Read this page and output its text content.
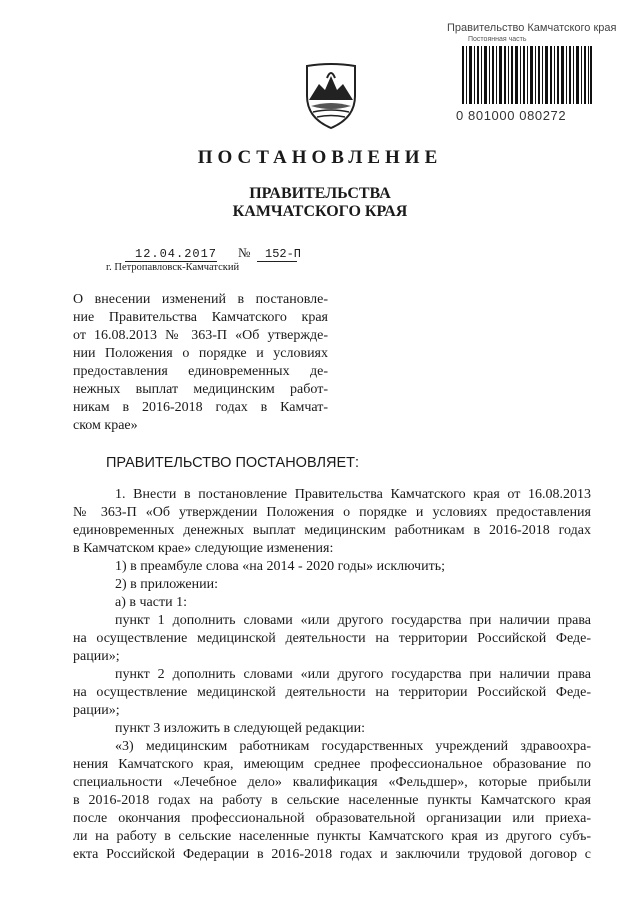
Правительство Камчатского края
Постоянная часть
0 801000 080272
ПОСТАНОВЛЕНИЕ
ПРАВИТЕЛЬСТВА
КАМЧАТСКОГО КРАЯ
12.04.2017 № 152-П
г. Петропавловск-Камчатский
О внесении изменений в постановле-
ние Правительства Камчатского края
от 16.08.2013 № 363-П «Об утвержде-
нии Положения о порядке и условиях
предоставления единовременных де-
нежных выплат медицинским работ-
никам в 2016-2018 годах в Камчат-
ском крае»
ПРАВИТЕЛЬСТВО ПОСТАНОВЛЯЕТ:
1. Внести в постановление Правительства Камчатского края от 16.08.2013
№ 363-П «Об утверждении Положения о порядке и условиях предоставления
единовременных денежных выплат медицинским работникам в 2016-2018 годах
в Камчатском крае» следующие изменения:
1) в преамбуле слова «на 2014 - 2020 годы» исключить;
2) в приложении:
а) в части 1:
пункт 1 дополнить словами «или другого государства при наличии права
на осуществление медицинской деятельности на территории Российской Феде-
рации»;
пункт 2 дополнить словами «или другого государства при наличии права
на осуществление медицинской деятельности на территории Российской Феде-
рации»;
пункт 3 изложить в следующей редакции:
«3) медицинским работникам государственных учреждений здравоохра-
нения Камчатского края, имеющим среднее профессиональное образование по
специальности «Лечебное дело» квалификация «Фельдшер», которые прибыли
в 2016-2018 годах на работу в сельские населенные пункты Камчатского края
после окончания профессиональной образовательной организации или приеха-
ли на работу в сельские населенные пункты Камчатского края из другого субъ-
екта Российской Федерации в 2016-2018 годах и заключили трудовой договор с
